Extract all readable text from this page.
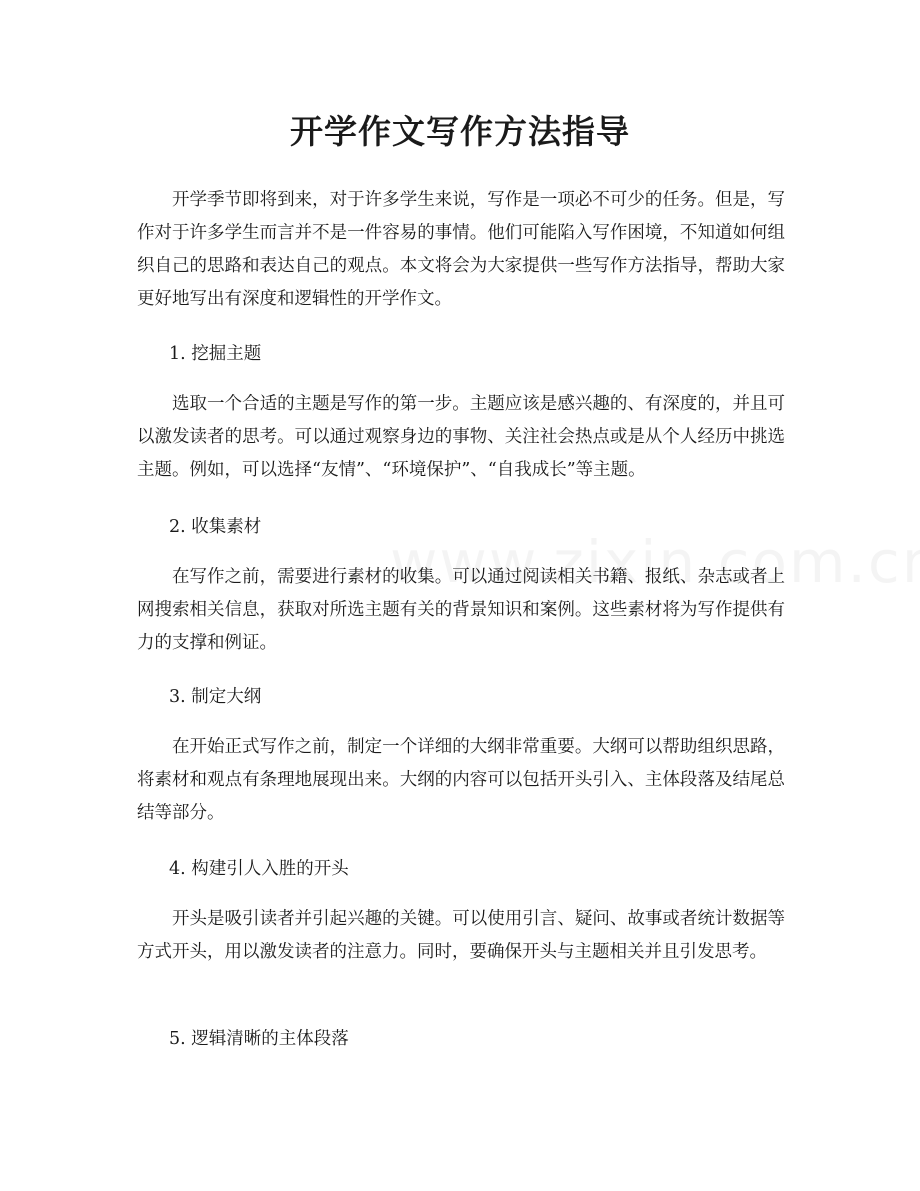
开学作文写作方法指导

开学季节即将到来，对于许多学生来说，写作是一项必不可少的任务。但是，写作对于许多学生而言并不是一件容易的事情。他们可能陷入写作困境，不知道如何组织自己的思路和表达自己的观点。本文将会为大家提供一些写作方法指导，帮助大家更好地写出有深度和逻辑性的开学作文。

1. 挖掘主题

选取一个合适的主题是写作的第一步。主题应该是感兴趣的、有深度的，并且可以激发读者的思考。可以通过观察身边的事物、关注社会热点或是从个人经历中挑选主题。例如，可以选择“友情”、“环境保护”、“自我成长”等主题。

2. 收集素材

在写作之前，需要进行素材的收集。可以通过阅读相关书籍、报纸、杂志或者上网搜索相关信息，获取对所选主题有关的背景知识和案例。这些素材将为写作提供有力的支撑和例证。

3. 制定大纲

在开始正式写作之前，制定一个详细的大纲非常重要。大纲可以帮助组织思路，将素材和观点有条理地展现出来。大纲的内容可以包括开头引入、主体段落及结尾总结等部分。

4. 构建引人入胜的开头

开头是吸引读者并引起兴趣的关键。可以使用引言、疑问、故事或者统计数据等方式开头，用以激发读者的注意力。同时，要确保开头与主题相关并且引发思考。

5. 逻辑清晰的主体段落
